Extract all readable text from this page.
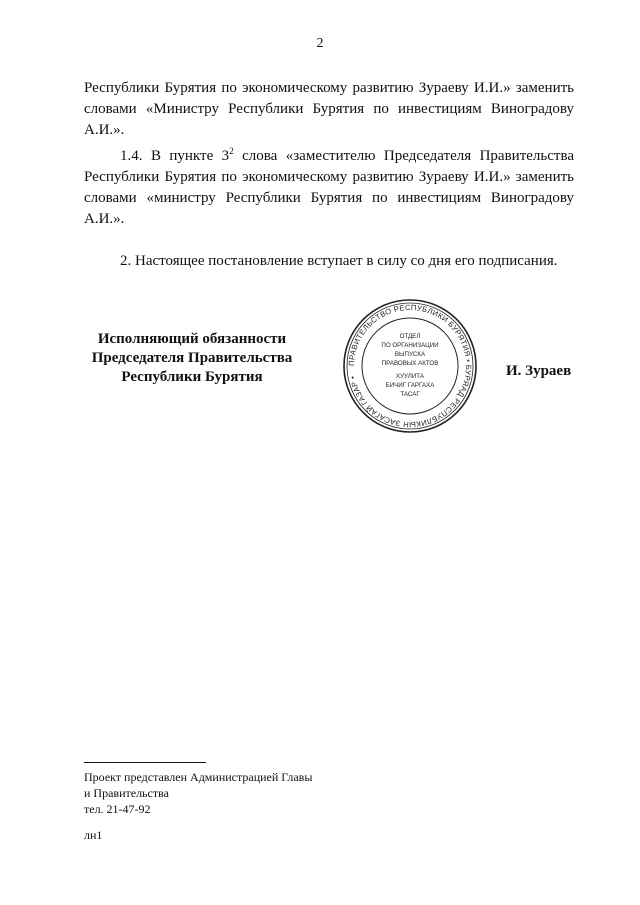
2

Республики Бурятия по экономическому развитию Зураеву И.И.» заменить словами «Министру Республики Бурятия по инвестициям Виноградову А.И.».

1.4. В пункте $3^2$ слова «заместителю Председателя Правительства Республики Бурятия по экономическому развитию Зураеву И.И.» заменить словами «министру Республики Бурятия по инвестициям Виноградову А.И.».

2. Настоящее постановление вступает в силу со дня его подписания.

Исполняющий обязанности
Председателя Правительства
Республики Бурятия
ПРАВИТЕЛЬСТВО РЕСПУБЛИКИ БУРЯТИЯ • БУРЯАД РЕСПУБЛИКЫН ЗАСАГАЙ ГАЗАР •
ОТДЕЛ
ПО ОРГАНИЗАЦИИ
ВЫПУСКА
ПРАВОВЫХ АКТОВ
ХУУЛИТА
БИЧИГ ГАРГАХА
ТАСАГ
И. Зураев
Проект представлен Администрацией Главы
и Правительства
тел. 21-47-92
лн1
